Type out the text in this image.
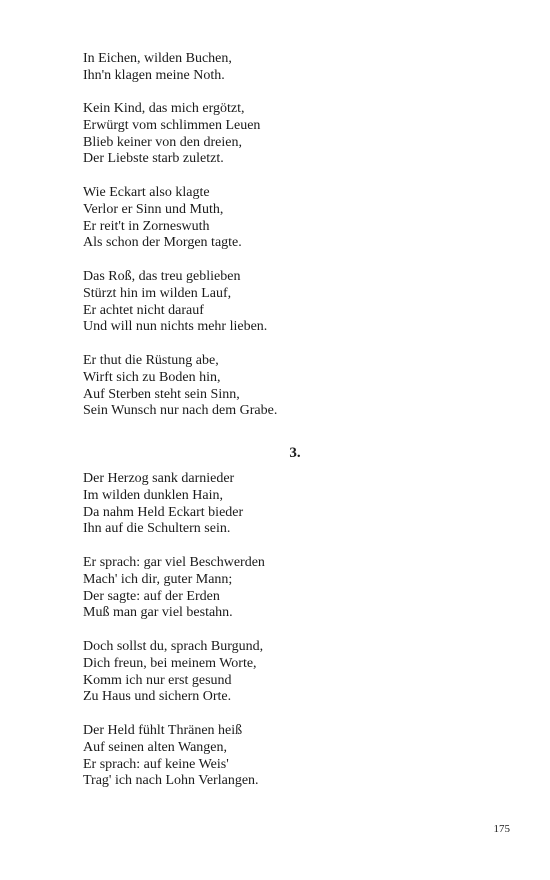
In Eichen, wilden Buchen,
Ihn'n klagen meine Noth.
Kein Kind, das mich ergötzt,
Erwürgt vom schlimmen Leuen
Blieb keiner von den dreien,
Der Liebste starb zuletzt.
Wie Eckart also klagte
Verlor er Sinn und Muth,
Er reit't in Zorneswuth
Als schon der Morgen tagte.
Das Roß, das treu geblieben
Stürzt hin im wilden Lauf,
Er achtet nicht darauf
Und will nun nichts mehr lieben.
Er thut die Rüstung abe,
Wirft sich zu Boden hin,
Auf Sterben steht sein Sinn,
Sein Wunsch nur nach dem Grabe.
3.
Der Herzog sank darnieder
Im wilden dunklen Hain,
Da nahm Held Eckart bieder
Ihn auf die Schultern sein.
Er sprach: gar viel Beschwerden
Mach' ich dir, guter Mann;
Der sagte: auf der Erden
Muß man gar viel bestahn.
Doch sollst du, sprach Burgund,
Dich freun, bei meinem Worte,
Komm ich nur erst gesund
Zu Haus und sichern Orte.
Der Held fühlt Thränen heiß
Auf seinen alten Wangen,
Er sprach: auf keine Weis'
Trag' ich nach Lohn Verlangen.
175
